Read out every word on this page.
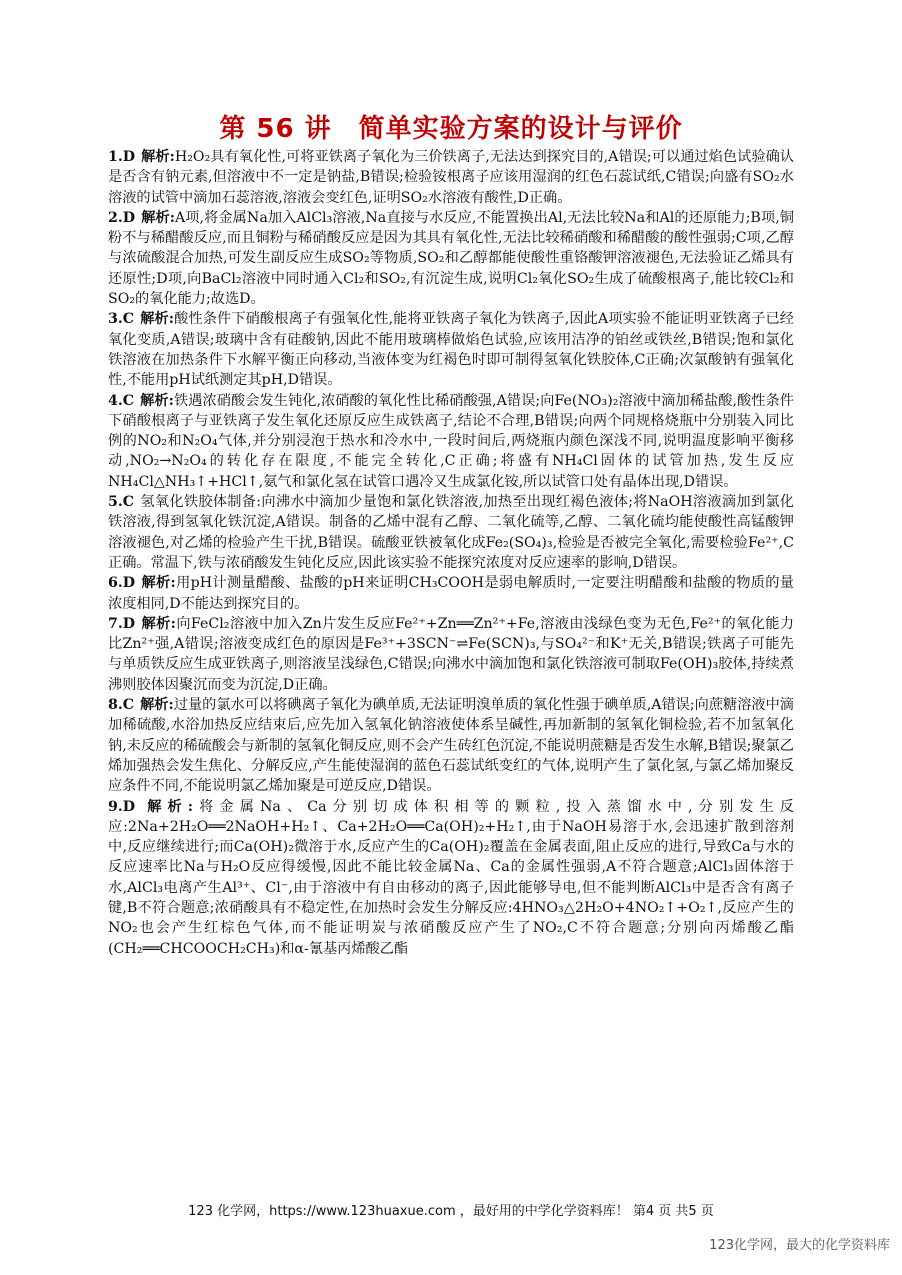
第 56 讲　简单实验方案的设计与评价

1.D 解析:H₂O₂具有氧化性,可将亚铁离子氧化为三价铁离子,无法达到探究目的,A错误;可以通过焰色试验确认是否含有钠元素,但溶液中不一定是钠盐,B错误;检验铵根离子应该用湿润的红色石蕊试纸,C错误;向盛有SO₂水溶液的试管中滴加石蕊溶液,溶液会变红色,证明SO₂水溶液有酸性,D正确。

2.D 解析:A项,将金属Na加入AlCl₃溶液,Na直接与水反应,不能置换出Al,无法比较Na和Al的还原能力;B项,铜粉不与稀醋酸反应,而且铜粉与稀硝酸反应是因为其具有氧化性,无法比较稀硝酸和稀醋酸的酸性强弱;C项,乙醇与浓硫酸混合加热,可发生副反应生成SO₂等物质,SO₂和乙醇都能使酸性重铬酸钾溶液褪色,无法验证乙烯具有还原性;D项,向BaCl₂溶液中同时通入Cl₂和SO₂,有沉淀生成,说明Cl₂氧化SO₂生成了硫酸根离子,能比较Cl₂和SO₂的氧化能力;故选D。

3.C 解析:酸性条件下硝酸根离子有强氧化性,能将亚铁离子氧化为铁离子,因此A项实验不能证明亚铁离子已经氧化变质,A错误;玻璃中含有硅酸钠,因此不能用玻璃棒做焰色试验,应该用洁净的铂丝或铁丝,B错误;饱和氯化铁溶液在加热条件下水解平衡正向移动,当液体变为红褐色时即可制得氢氧化铁胶体,C正确;次氯酸钠有强氧化性,不能用pH试纸测定其pH,D错误。

4.C 解析:铁遇浓硝酸会发生钝化,浓硝酸的氧化性比稀硝酸强,A错误;向Fe(NO₃)₂溶液中滴加稀盐酸,酸性条件下硝酸根离子与亚铁离子发生氧化还原反应生成铁离子,结论不合理,B错误;向两个同规格烧瓶中分别装入同比例的NO₂和N₂O₄气体,并分别浸泡于热水和冷水中,一段时间后,两烧瓶内颜色深浅不同,说明温度影响平衡移动,NO₂→N₂O₄的转化存在限度,不能完全转化,C正确;将盛有NH₄Cl固体的试管加热,发生反应NH₄Cl△NH₃↑+HCl↑,氨气和氯化氢在试管口遇冷又生成氯化铵,所以试管口处有晶体出现,D错误。

5.C 氢氧化铁胶体制备:向沸水中滴加少量饱和氯化铁溶液,加热至出现红褐色液体;将NaOH溶液滴加到氯化铁溶液,得到氢氧化铁沉淀,A错误。制备的乙烯中混有乙醇、二氧化硫等,乙醇、二氧化硫均能使酸性高锰酸钾溶液褪色,对乙烯的检验产生干扰,B错误。硫酸亚铁被氧化成Fe₂(SO₄)₃,检验是否被完全氧化,需要检验Fe²⁺,C正确。常温下,铁与浓硝酸发生钝化反应,因此该实验不能探究浓度对反应速率的影响,D错误。

6.D 解析:用pH计测量醋酸、盐酸的pH来证明CH₃COOH是弱电解质时,一定要注明醋酸和盐酸的物质的量浓度相同,D不能达到探究目的。

7.D 解析:向FeCl₂溶液中加入Zn片发生反应Fe²⁺+Zn══Zn²⁺+Fe,溶液由浅绿色变为无色,Fe²⁺的氧化能力比Zn²⁺强,A错误;溶液变成红色的原因是Fe³⁺+3SCN⁻⇌Fe(SCN)₃,与SO₄²⁻和K⁺无关,B错误;铁离子可能先与单质铁反应生成亚铁离子,则溶液呈浅绿色,C错误;向沸水中滴加饱和氯化铁溶液可制取Fe(OH)₃胶体,持续煮沸则胶体因聚沉而变为沉淀,D正确。

8.C 解析:过量的氯水可以将碘离子氧化为碘单质,无法证明溴单质的氧化性强于碘单质,A错误;向蔗糖溶液中滴加稀硫酸,水浴加热反应结束后,应先加入氢氧化钠溶液使体系呈碱性,再加新制的氢氧化铜检验,若不加氢氧化钠,未反应的稀硫酸会与新制的氢氧化铜反应,则不会产生砖红色沉淀,不能说明蔗糖是否发生水解,B错误;聚氯乙烯加强热会发生焦化、分解反应,产生能使湿润的蓝色石蕊试纸变红的气体,说明产生了氯化氢,与氯乙烯加聚反应条件不同,不能说明氯乙烯加聚是可逆反应,D错误。

9.D 解析:将金属Na、Ca分别切成体积相等的颗粒,投入蒸馏水中,分别发生反应:2Na+2H₂O══2NaOH+H₂↑、Ca+2H₂O══Ca(OH)₂+H₂↑,由于NaOH易溶于水,会迅速扩散到溶剂中,反应继续进行;而Ca(OH)₂微溶于水,反应产生的Ca(OH)₂覆盖在金属表面,阻止反应的进行,导致Ca与水的反应速率比Na与H₂O反应得缓慢,因此不能比较金属Na、Ca的金属性强弱,A不符合题意;AlCl₃固体溶于水,AlCl₃电离产生Al³⁺、Cl⁻,由于溶液中有自由移动的离子,因此能够导电,但不能判断AlCl₃中是否含有离子键,B不符合题意;浓硝酸具有不稳定性,在加热时会发生分解反应:4HNO₃△2H₂O+4NO₂↑+O₂↑,反应产生的NO₂也会产生红棕色气体,而不能证明炭与浓硝酸反应产生了NO₂,C不符合题意;分别向丙烯酸乙酯(CH₂══CHCOOCH₂CH₃)和α-氰基丙烯酸乙酯

123 化学网，https://www.123huaxue.com ，最好用的中学化学资料库！ 第4 页 共5 页
123化学网，最大的化学资料库
